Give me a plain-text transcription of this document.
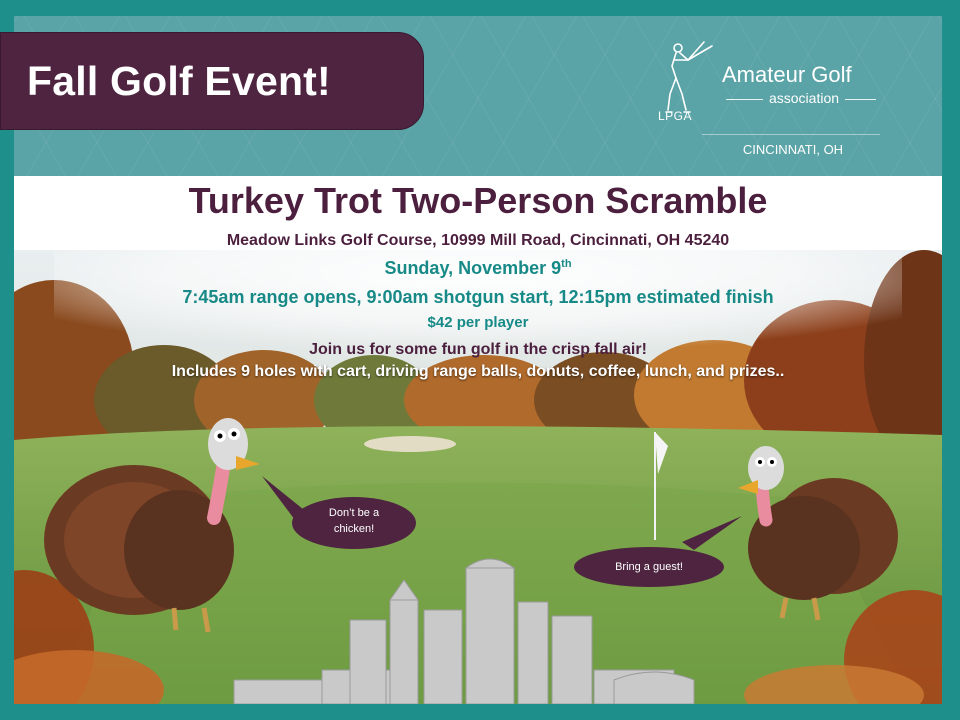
Fall Golf Event!	Amateur Golf
association
LPGA
CINCINNATI, OH
Don’t be a
chicken!
Bring a guest!
Turkey Trot Two-Person Scramble
Meadow Links Golf Course, 10999 Mill Road, Cincinnati, OH 45240
Sunday, November 9th
7:45am range opens, 9:00am shotgun start, 12:15pm estimated finish
$42 per player
Join us for some fun golf in the crisp fall air!
Includes 9 holes with cart, driving range balls, donuts, coffee, lunch, and prizes..
